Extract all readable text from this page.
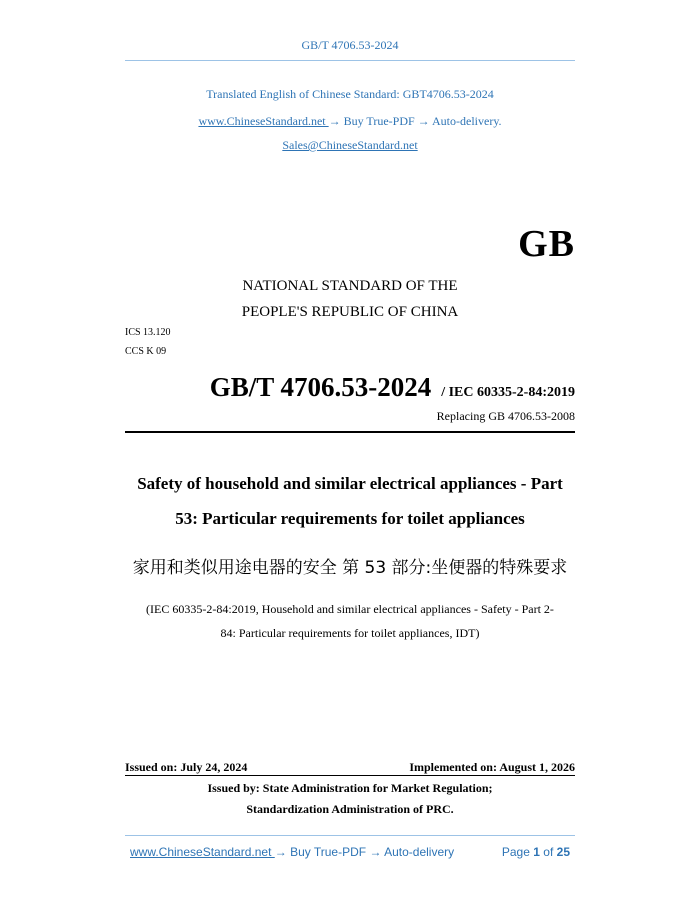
GB/T 4706.53-2024
Translated English of Chinese Standard: GBT4706.53-2024
www.ChineseStandard.net → Buy True-PDF → Auto-delivery.
Sales@ChineseStandard.net
GB
NATIONAL STANDARD OF THE
PEOPLE'S REPUBLIC OF CHINA
ICS 13.120
CCS K 09
GB/T 4706.53-2024 / IEC 60335-2-84:2019
Replacing GB 4706.53-2008
Safety of household and similar electrical appliances - Part
53: Particular requirements for toilet appliances
家用和类似用途电器的安全 第 53 部分:坐便器的特殊要求
(IEC 60335-2-84:2019, Household and similar electrical appliances - Safety - Part 2-
84: Particular requirements for toilet appliances, IDT)
Issued on: July 24, 2024	Implemented on: August 1, 2026
Issued by: State Administration for Market Regulation;
Standardization Administration of PRC.
www.ChineseStandard.net → Buy True-PDF → Auto-delivery	Page 1 of 25
